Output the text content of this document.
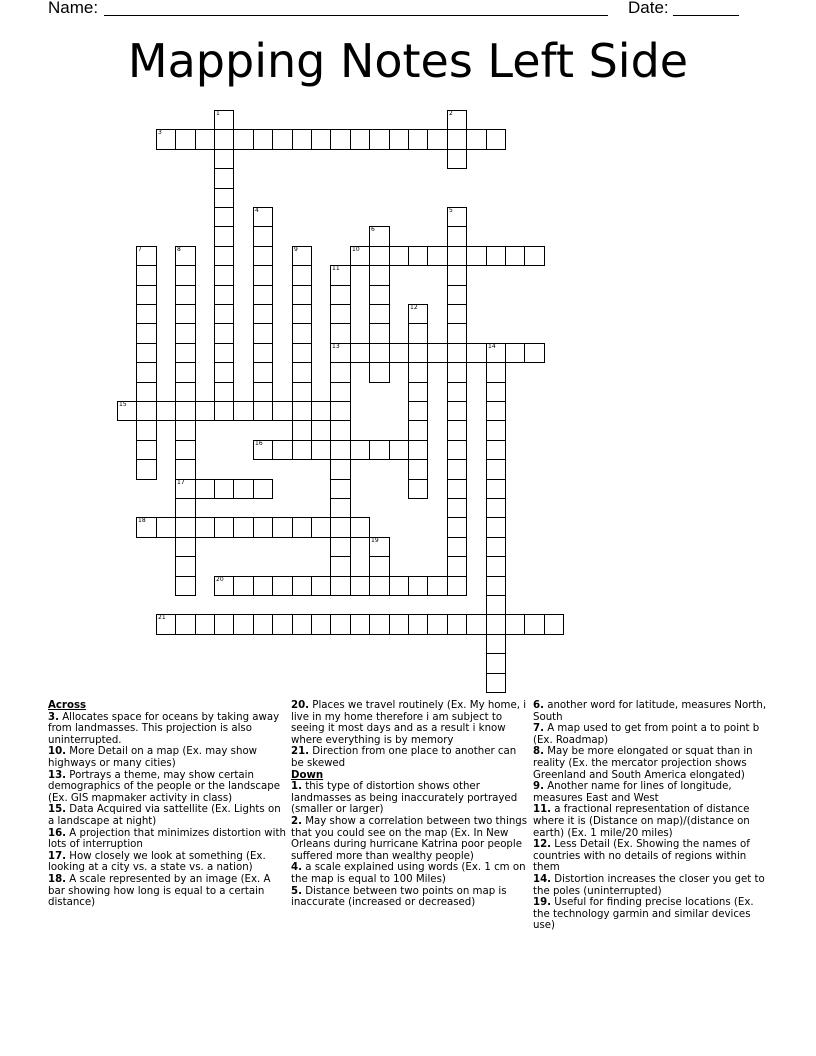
Name:	Date:
Mapping Notes Left Side
1	2
3
4	5
6
7	8
17
9	10
11
13
12
14
15
16
18
19
20
21
Across
3. Allocates space for oceans by taking away from landmasses. This projection is also uninterrupted.
10. More Detail on a map (Ex. may show highways or many cities)
13. Portrays a theme, may show certain demographics of the people or the landscape (Ex. GIS mapmaker activity in class)
15. Data Acquired via sattellite (Ex. Lights on a landscape at night)
16. A projection that minimizes distortion with lots of interruption
17. How closely we look at something (Ex. looking at a city vs. a state vs. a nation)
18. A scale represented by an image (Ex. A bar showing how long is equal to a certain distance)
20. Places we travel routinely (Ex. My home, i live in my home therefore i am subject to seeing it most days and as a result i know where everything is by memory
21. Direction from one place to another can be skewed
Down
1. this type of distortion shows other landmasses as being inaccurately portrayed (smaller or larger)
2. May show a correlation between two things that you could see on the map (Ex. In New Orleans during hurricane Katrina poor people suffered more than wealthy people)
4. a scale explained using words (Ex. 1 cm on the map is equal to 100 Miles)
5. Distance between two points on map is inaccurate (increased or decreased)
6. another word for latitude, measures North, South
7. A map used to get from point a to point b (Ex. Roadmap)
8. May be more elongated or squat than in reality (Ex. the mercator projection shows Greenland and South America elongated)
9. Another name for lines of longitude, measures East and West
11. a fractional representation of distance where it is (Distance on map)/(distance on earth) (Ex. 1 mile/20 miles)
12. Less Detail (Ex. Showing the names of countries with no details of regions within them
14. Distortion increases the closer you get to the poles (uninterrupted)
19. Useful for finding precise locations (Ex. the technology garmin and similar devices use)
